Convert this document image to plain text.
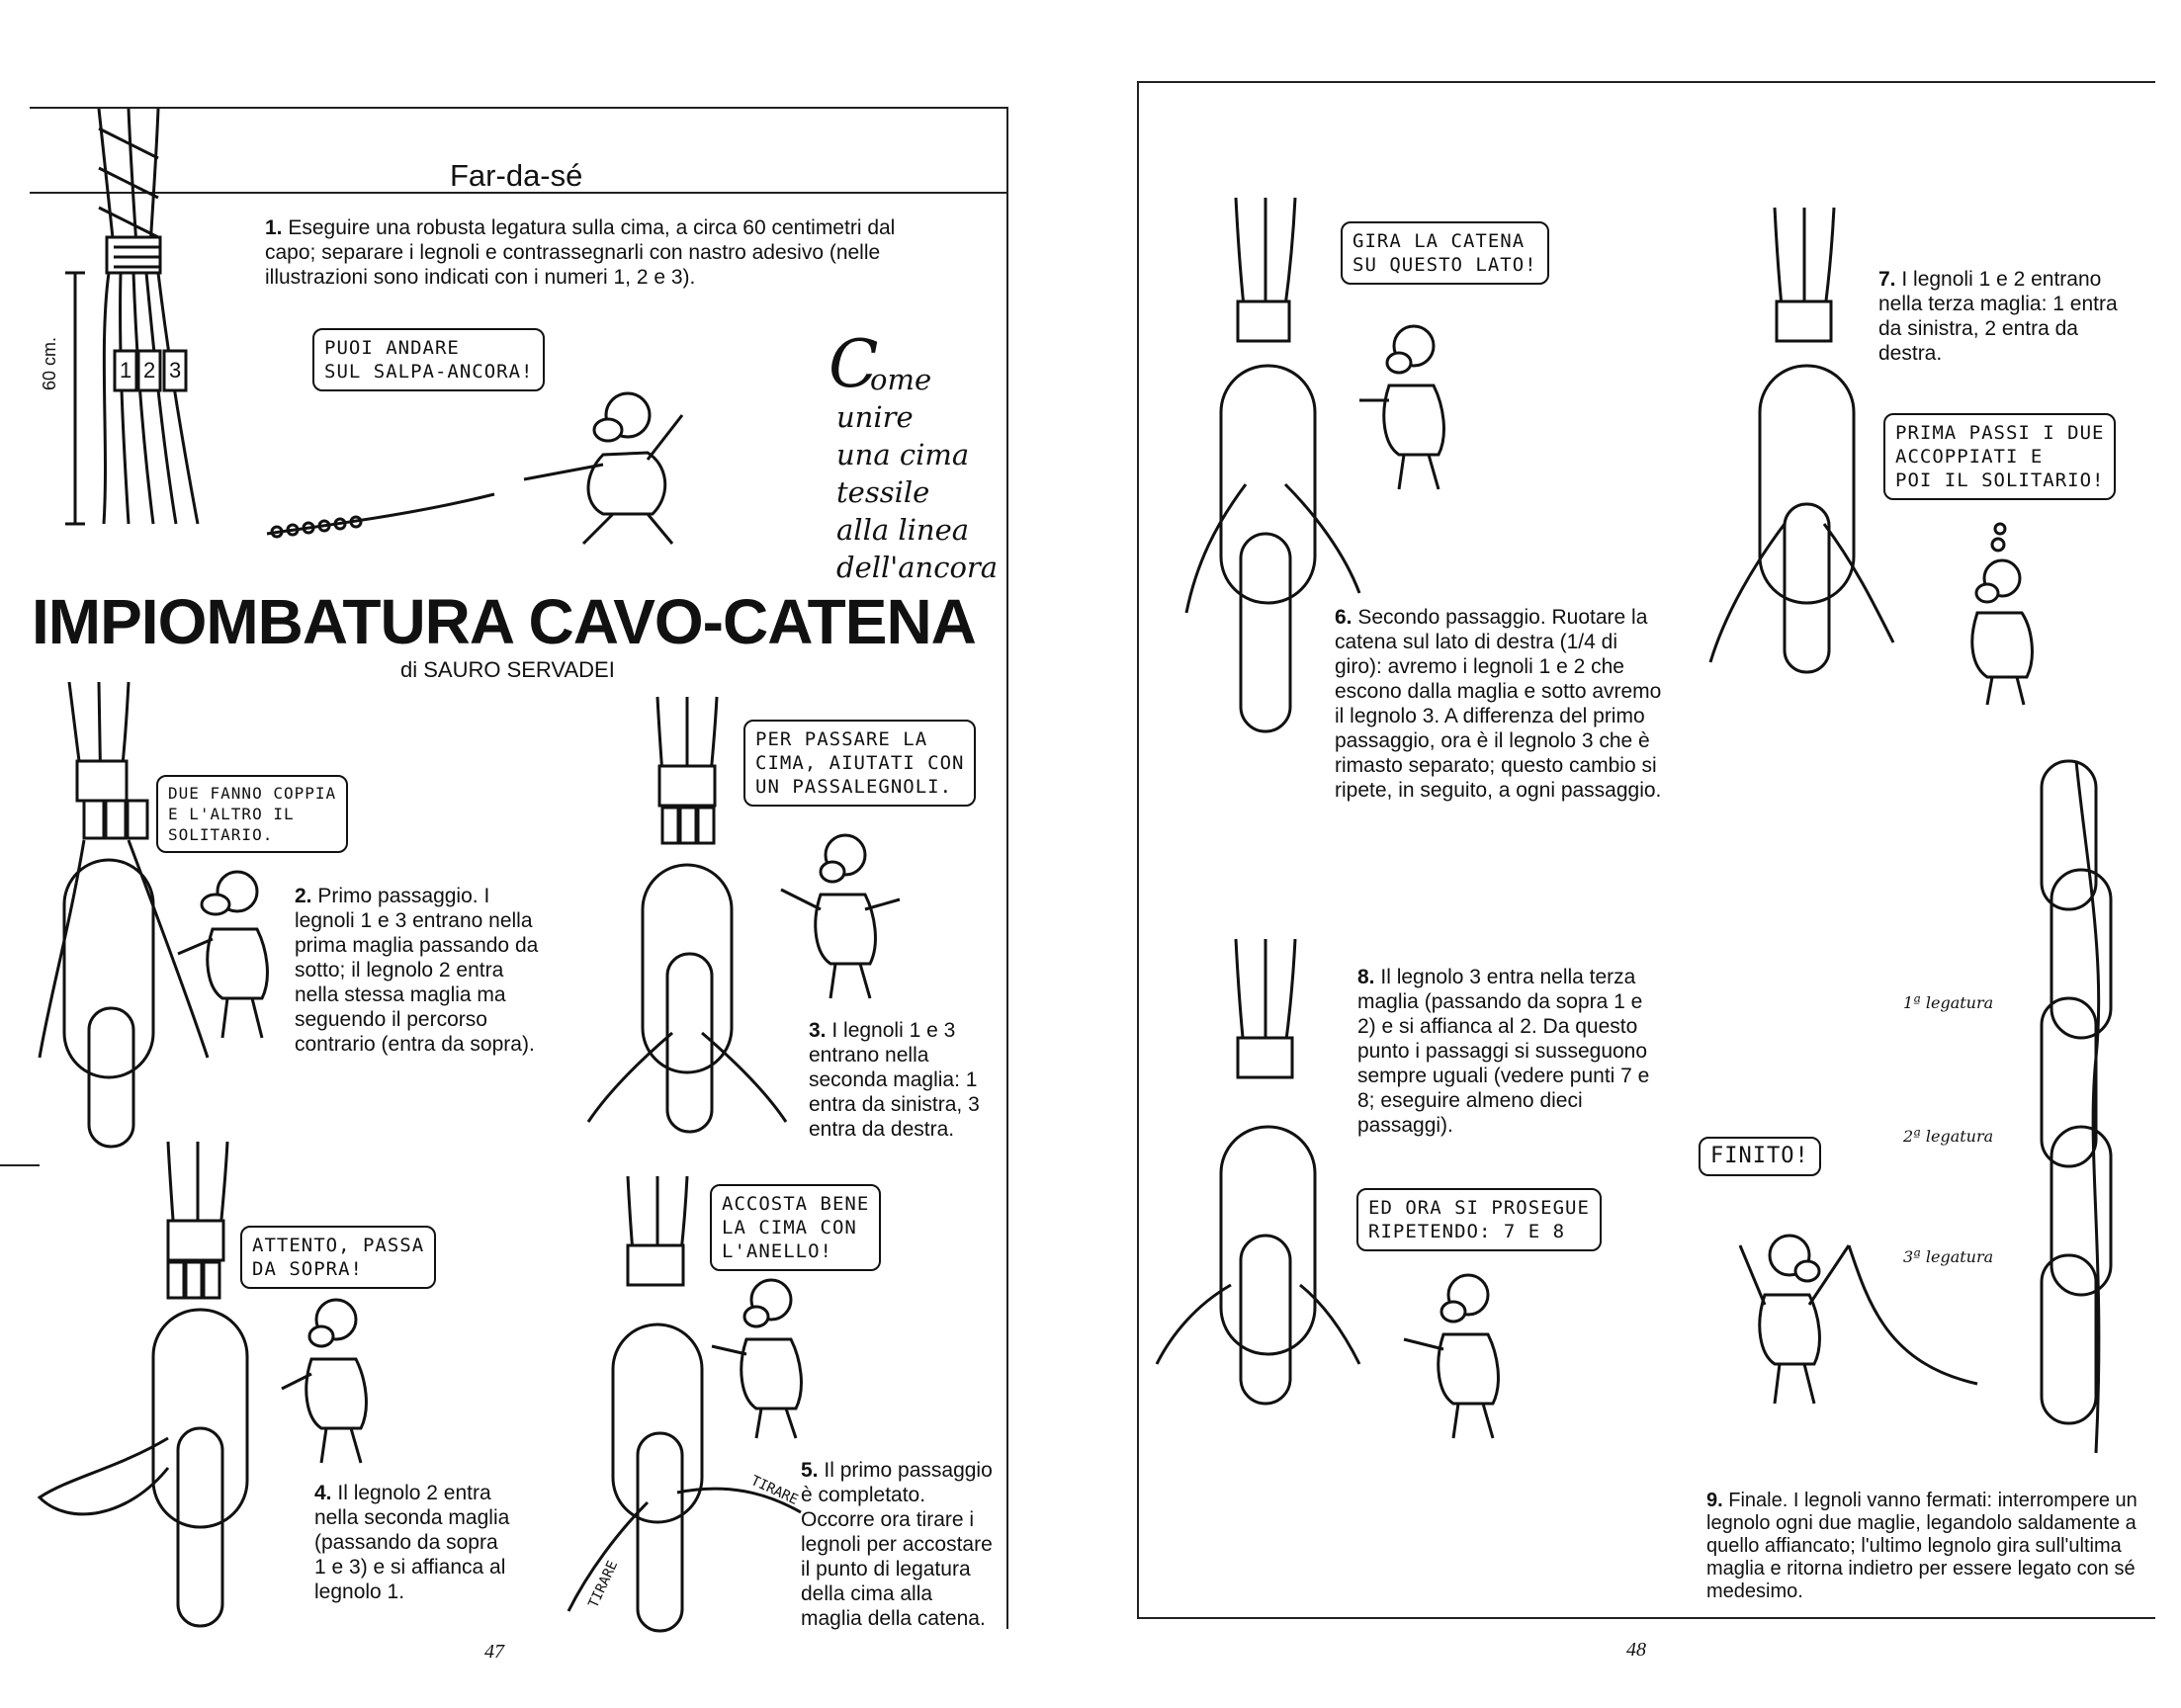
Far-da-sé
1 2 3
60 cm.
1. Eseguire una robusta legatura sulla cima, a circa 60 centimetri dal capo; separare i legnoli e contrassegnarli con nastro adesivo (nelle illustrazioni sono indicati con i numeri 1, 2 e 3).
PUOI ANDARE
SUL SALPA-ANCORA!	C
ome
unire
una cima
tessile
alla linea
dell'ancora
IMPIOMBATURA CAVO-CATENA
di SAURO SERVADEI
DUE FANNO COPPIA
E L'ALTRO IL
SOLITARIO.
2. Primo passaggio. I legnoli 1 e 3 entrano nella prima maglia passando da sotto; il legnolo 2 entra nella stessa maglia ma seguendo il percorso contrario (entra da sopra).
PER PASSARE LA
CIMA, AIUTATI CON
UN PASSALEGNOLI.
3. I legnoli 1 e 3 entrano nella seconda maglia: 1 entra da sinistra, 3 entra da destra.
ATTENTO, PASSA
DA SOPRA!
4. Il legnolo 2 entra nella seconda maglia (passando da sopra 1 e 3) e si affianca al legnolo 1.
TIRARE
TIRARE
ACCOSTA BENE
LA CIMA CON
L'ANELLO!
5. Il primo passaggio è completato. Occorre ora tirare i legnoli per accostare il punto di legatura della cima alla maglia della catena.
47
GIRA LA CATENA
SU QUESTO LATO!
6. Secondo passaggio. Ruotare la catena sul lato di destra (1/4 di giro): avremo i legnoli 1 e 2 che escono dalla maglia e sotto avremo il legnolo 3. A differenza del primo passaggio, ora è il legnolo 3 che è rimasto separato; questo cambio si ripete, in seguito, a ogni passaggio.
7. I legnoli 1 e 2 entrano nella terza maglia: 1 entra da sinistra, 2 entra da destra.
PRIMA PASSI I DUE
ACCOPPIATI E
POI IL SOLITARIO!
8. Il legnolo 3 entra nella terza maglia (passando da sopra 1 e 2) e si affianca al 2. Da questo punto i passaggi si susseguono sempre uguali (vedere punti 7 e 8; eseguire almeno dieci passaggi).
ED ORA SI PROSEGUE
RIPETENDO: 7 E 8
FINITO!
1ª legatura
2ª legatura
3ª legatura
9. Finale. I legnoli vanno fermati: interrompere un legnolo ogni due maglie, legandolo saldamente a quello affiancato; l'ultimo legnolo gira sull'ultima maglia e ritorna indietro per essere legato con sé medesimo.
48
